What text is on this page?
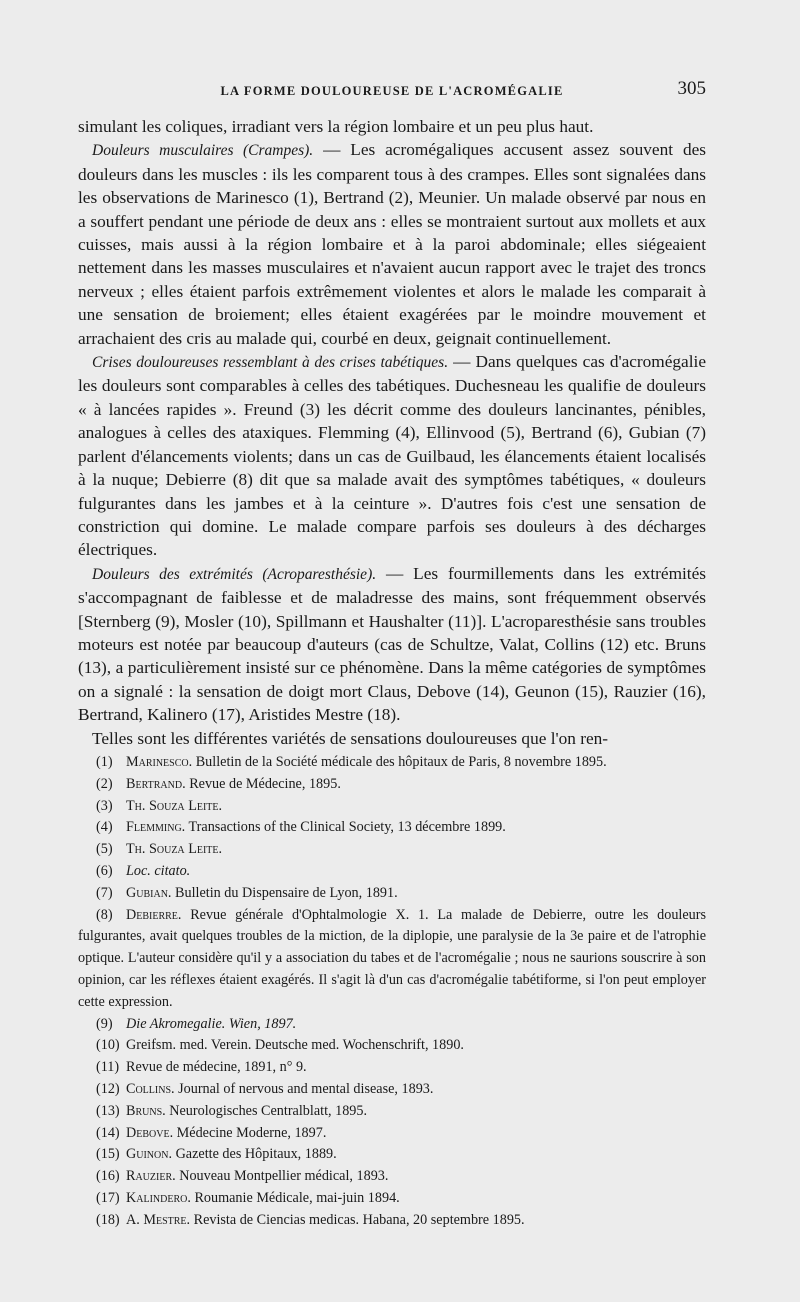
LA FORME DOULOUREUSE DE L'ACROMÉGALIE	305

simulant les coliques, irradiant vers la région lombaire et un peu plus haut.

Douleurs musculaires (Crampes). — Les acromégaliques accusent assez souvent des douleurs dans les muscles : ils les comparent tous à des crampes. Elles sont signalées dans les observations de Marinesco (1), Bertrand (2), Meunier. Un malade observé par nous en a souffert pendant une période de deux ans : elles se montraient surtout aux mollets et aux cuisses, mais aussi à la région lombaire et à la paroi abdominale; elles siégeaient nettement dans les masses musculaires et n'avaient aucun rapport avec le trajet des troncs nerveux ; elles étaient parfois extrêmement violentes et alors le malade les comparait à une sensation de broiement; elles étaient exagérées par le moindre mouvement et arrachaient des cris au malade qui, courbé en deux, geignait continuellement.

Crises douloureuses ressemblant à des crises tabétiques. — Dans quelques cas d'acromégalie les douleurs sont comparables à celles des tabétiques. Duchesneau les qualifie de douleurs « à lancées rapides ». Freund (3) les décrit comme des douleurs lancinantes, pénibles, analogues à celles des ataxiques. Flemming (4), Ellinvood (5), Bertrand (6), Gubian (7) parlent d'élancements violents; dans un cas de Guilbaud, les élancements étaient localisés à la nuque; Debierre (8) dit que sa malade avait des symptômes tabétiques, « douleurs fulgurantes dans les jambes et à la ceinture ». D'autres fois c'est une sensation de constriction qui domine. Le malade compare parfois ses douleurs à des décharges électriques.

Douleurs des extrémités (Acroparesthésie). — Les fourmillements dans les extrémités s'accompagnant de faiblesse et de maladresse des mains, sont fréquemment observés [Sternberg (9), Mosler (10), Spillmann et Haushalter (11)]. L'acroparesthésie sans troubles moteurs est notée par beaucoup d'auteurs (cas de Schultze, Valat, Collins (12) etc. Bruns (13), a particulièrement insisté sur ce phénomène. Dans la même catégories de symptômes on a signalé : la sensation de doigt mort Claus, Debove (14), Geunon (15), Rauzier (16), Bertrand, Kalinero (17), Aristides Mestre (18).

Telles sont les différentes variétés de sensations douloureuses que l'on ren-

(1) Marinesco. Bulletin de la Société médicale des hôpitaux de Paris, 8 novembre 1895.
(2) Bertrand. Revue de Médecine, 1895.
(3) Th. Souza Leite.
(4) Flemming. Transactions of the Clinical Society, 13 décembre 1899.
(5) Th. Souza Leite.
(6) Loc. citato.
(7) Gubian. Bulletin du Dispensaire de Lyon, 1891.
(8) Debierre. Revue générale d'Ophtalmologie X. 1. La malade de Debierre, outre les douleurs fulgurantes, avait quelques troubles de la miction, de la diplopie, une paralysie de la 3e paire et de l'atrophie optique. L'auteur considère qu'il y a association du tabes et de l'acromégalie ; nous ne saurions souscrire à son opinion, car les réflexes étaient exagérés. Il s'agit là d'un cas d'acromégalie tabétiforme, si l'on peut employer cette expression.
(9) Die Akromegalie. Wien, 1897.
(10) Greifsm. med. Verein. Deutsche med. Wochenschrift, 1890.
(11) Revue de médecine, 1891, n° 9.
(12) Collins. Journal of nervous and mental disease, 1893.
(13) Bruns. Neurologisches Centralblatt, 1895.
(14) Debove. Médecine Moderne, 1897.
(15) Guinon. Gazette des Hôpitaux, 1889.
(16) Rauzier. Nouveau Montpellier médical, 1893.
(17) Kalindero. Roumanie Médicale, mai-juin 1894.
(18) A. Mestre. Revista de Ciencias medicas. Habana, 20 septembre 1895.
